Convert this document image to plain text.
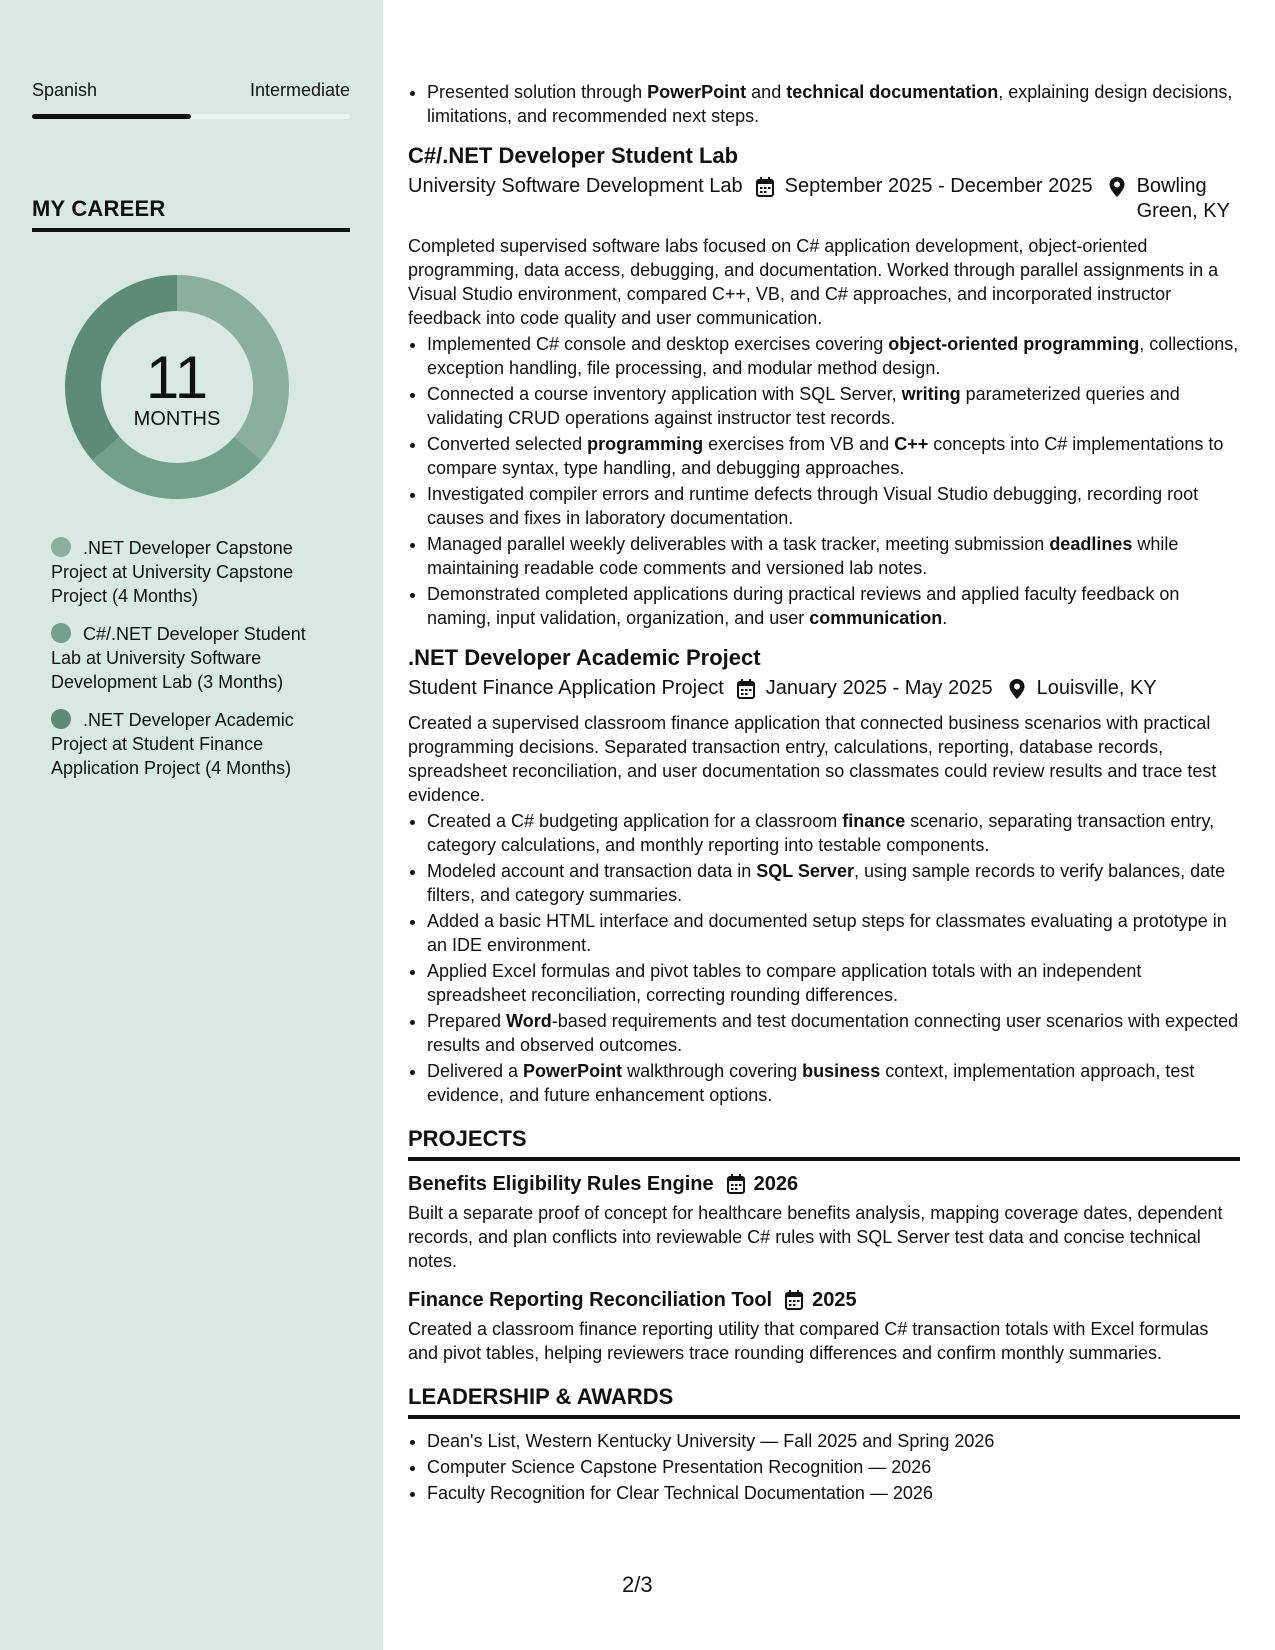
Spanish	Intermediate
MY CAREER
11
MONTHS
.NET Developer Capstone Project at University Capstone Project (4 Months)
C#/.NET Developer Student Lab at University Software Development Lab (3 Months)
.NET Developer Academic Project at Student Finance Application Project (4 Months)
• Presented solution through PowerPoint and technical documentation, explaining design decisions, limitations, and recommended next steps.
C#/.NET Developer Student Lab
University Software Development Lab September 2025 - December 2025 Bowling Green, KY

Completed supervised software labs focused on C# application development, object-oriented programming, data access, debugging, and documentation. Worked through parallel assignments in a Visual Studio environment, compared C++, VB, and C# approaches, and incorporated instructor feedback into code quality and user communication.

• Implemented C# console and desktop exercises covering object-oriented programming, collections, exception handling, file processing, and modular method design.
• Connected a course inventory application with SQL Server, writing parameterized queries and validating CRUD operations against instructor test records.
• Converted selected programming exercises from VB and C++ concepts into C# implementations to compare syntax, type handling, and debugging approaches.
• Investigated compiler errors and runtime defects through Visual Studio debugging, recording root causes and fixes in laboratory documentation.
• Managed parallel weekly deliverables with a task tracker, meeting submission deadlines while maintaining readable code comments and versioned lab notes.
• Demonstrated completed applications during practical reviews and applied faculty feedback on naming, input validation, organization, and user communication.
.NET Developer Academic Project
Student Finance Application Project January 2025 - May 2025 Louisville, KY

Created a supervised classroom finance application that connected business scenarios with practical programming decisions. Separated transaction entry, calculations, reporting, database records, spreadsheet reconciliation, and user documentation so classmates could review results and trace test evidence.

• Created a C# budgeting application for a classroom finance scenario, separating transaction entry, category calculations, and monthly reporting into testable components.
• Modeled account and transaction data in SQL Server, using sample records to verify balances, date filters, and category summaries.
• Added a basic HTML interface and documented setup steps for classmates evaluating a prototype in an IDE environment.
• Applied Excel formulas and pivot tables to compare application totals with an independent spreadsheet reconciliation, correcting rounding differences.
• Prepared Word-based requirements and test documentation connecting user scenarios with expected results and observed outcomes.
• Delivered a PowerPoint walkthrough covering business context, implementation approach, test evidence, and future enhancement options.
PROJECTS
Benefits Eligibility Rules Engine 2026

Built a separate proof of concept for healthcare benefits analysis, mapping coverage dates, dependent records, and plan conflicts into reviewable C# rules with SQL Server test data and concise technical notes.

Finance Reporting Reconciliation Tool 2025

Created a classroom finance reporting utility that compared C# transaction totals with Excel formulas and pivot tables, helping reviewers trace rounding differences and confirm monthly summaries.

LEADERSHIP & AWARDS
• Dean's List, Western Kentucky University — Fall 2025 and Spring 2026
• Computer Science Capstone Presentation Recognition — 2026
• Faculty Recognition for Clear Technical Documentation — 2026
2/3
